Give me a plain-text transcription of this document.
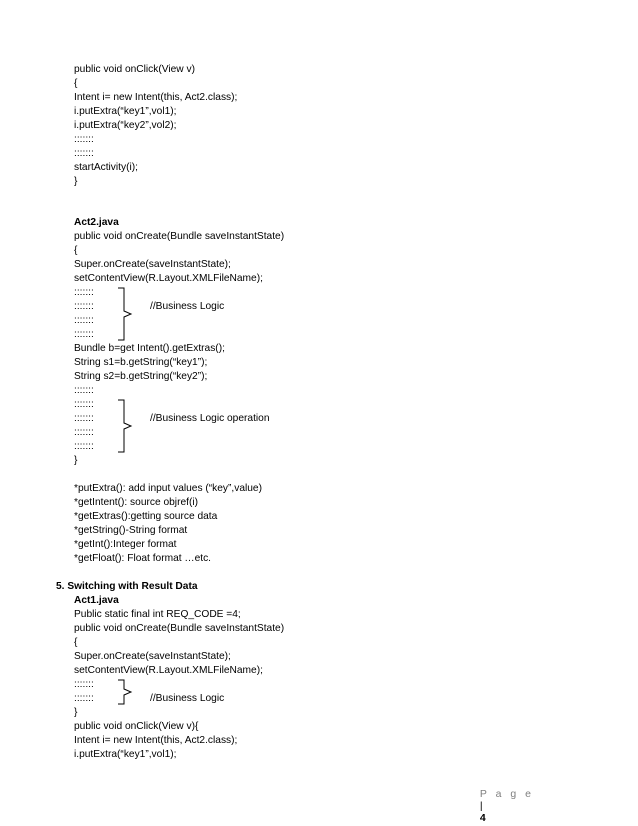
public void onClick(View v)
{
Intent i= new Intent(this, Act2.class);
i.putExtra(“key1”,vol1);
i.putExtra(“key2”,vol2);
:::::::
:::::::
startActivity(i);
}
Act2.java
public void onCreate(Bundle saveInstantState)
{
Super.onCreate(saveInstantState);
setContentView(R.Layout.XMLFileName);
:::::::
:::::::
:::::::
:::::::
//Business Logic
Bundle b=get Intent().getExtras();
String s1=b.getString(“key1”);
String s2=b.getString(“key2”);
:::::::
:::::::
:::::::
:::::::
:::::::
//Business Logic operation
}
*putExtra(): add input values (“key”,value)
*getIntent(): source objref(i)
*getExtras():getting source data
*getString()-String format
*getInt():Integer format
*getFloat(): Float format …etc.
5. Switching with Result Data
Act1.java
Public static final int REQ_CODE =4;
public void onCreate(Bundle saveInstantState)
{
Super.onCreate(saveInstantState);
setContentView(R.Layout.XMLFileName);
:::::::
:::::::	//Business Logic
}
public void onClick(View v){
Intent i= new Intent(this, Act2.class);
i.putExtra(“key1”,vol1);

P a g e
|
4
